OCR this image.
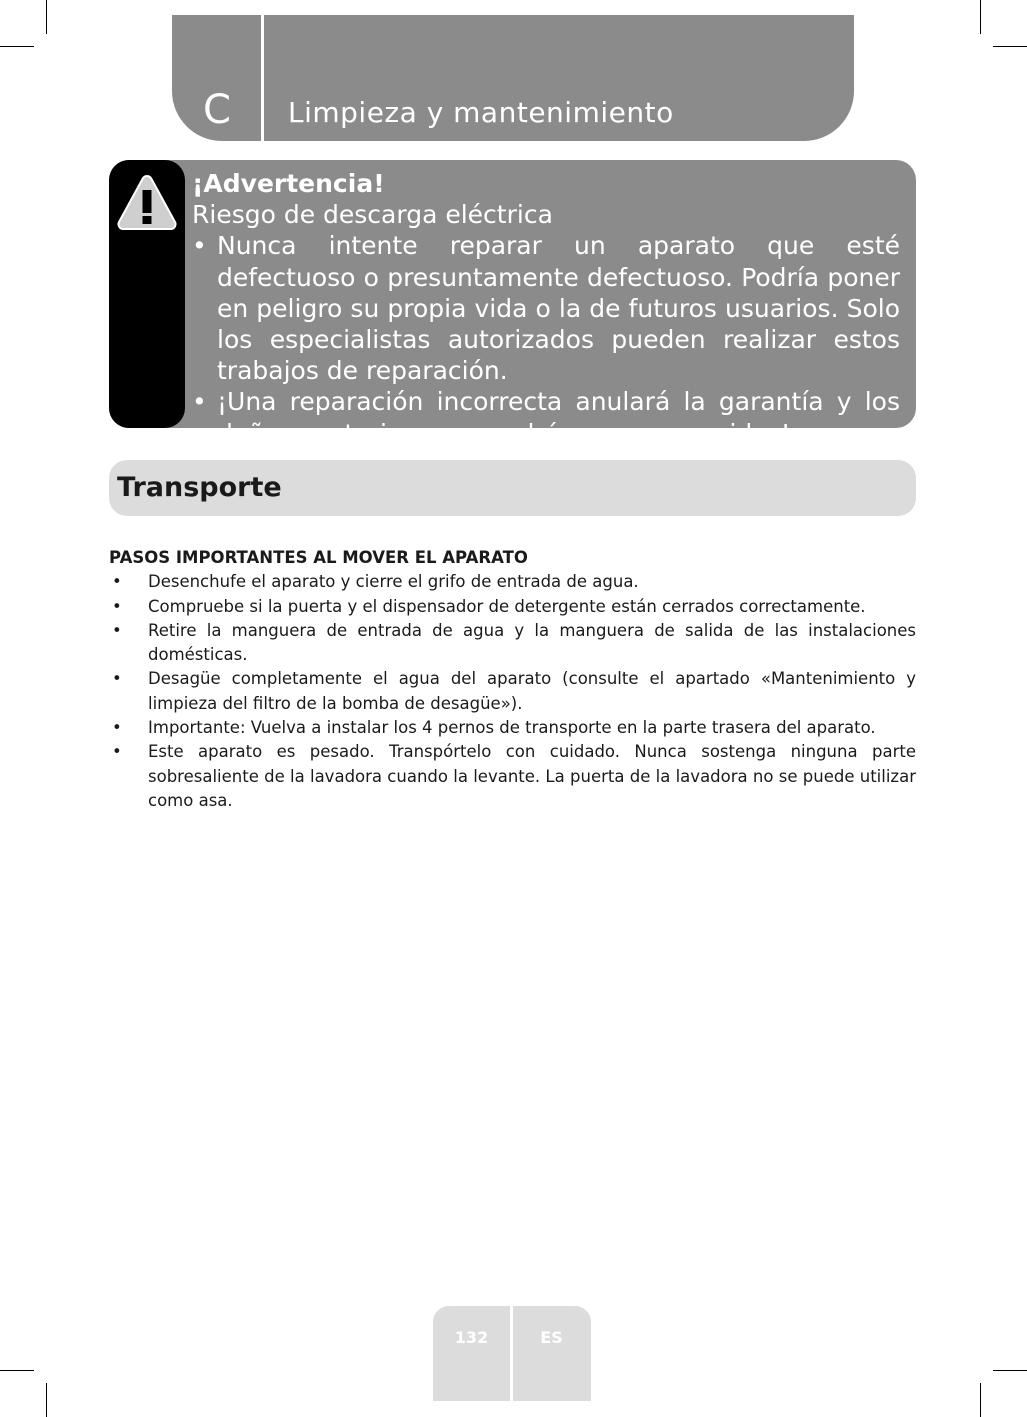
C	Limpieza y mantenimiento
¡Advertencia!
Riesgo de descarga eléctrica
• Nunca intente reparar un aparato que esté defectuoso o presuntamente defectuoso. Podría poner en peligro su propia vida o la de futuros usuarios. Solo los especialistas autorizados pueden realizar estos trabajos de reparación.
• ¡Una reparación incorrecta anulará la garantía y los daños posteriores no podrán ser reconocidos!
Transporte
PASOS IMPORTANTES AL MOVER EL APARATO
• Desenchufe el aparato y cierre el grifo de entrada de agua.
• Compruebe si la puerta y el dispensador de detergente están cerrados correctamente.
• Retire la manguera de entrada de agua y la manguera de salida de las instalaciones domésticas.
• Desagüe completamente el agua del aparato (consulte el apartado «Mantenimiento y limpieza del filtro de la bomba de desagüe»).
• Importante: Vuelva a instalar los 4 pernos de transporte en la parte trasera del aparato.
• Este aparato es pesado. Transpórtelo con cuidado. Nunca sostenga ninguna parte sobresaliente de la lavadora cuando la levante. La puerta de la lavadora no se puede utilizar como asa.
132	ES
